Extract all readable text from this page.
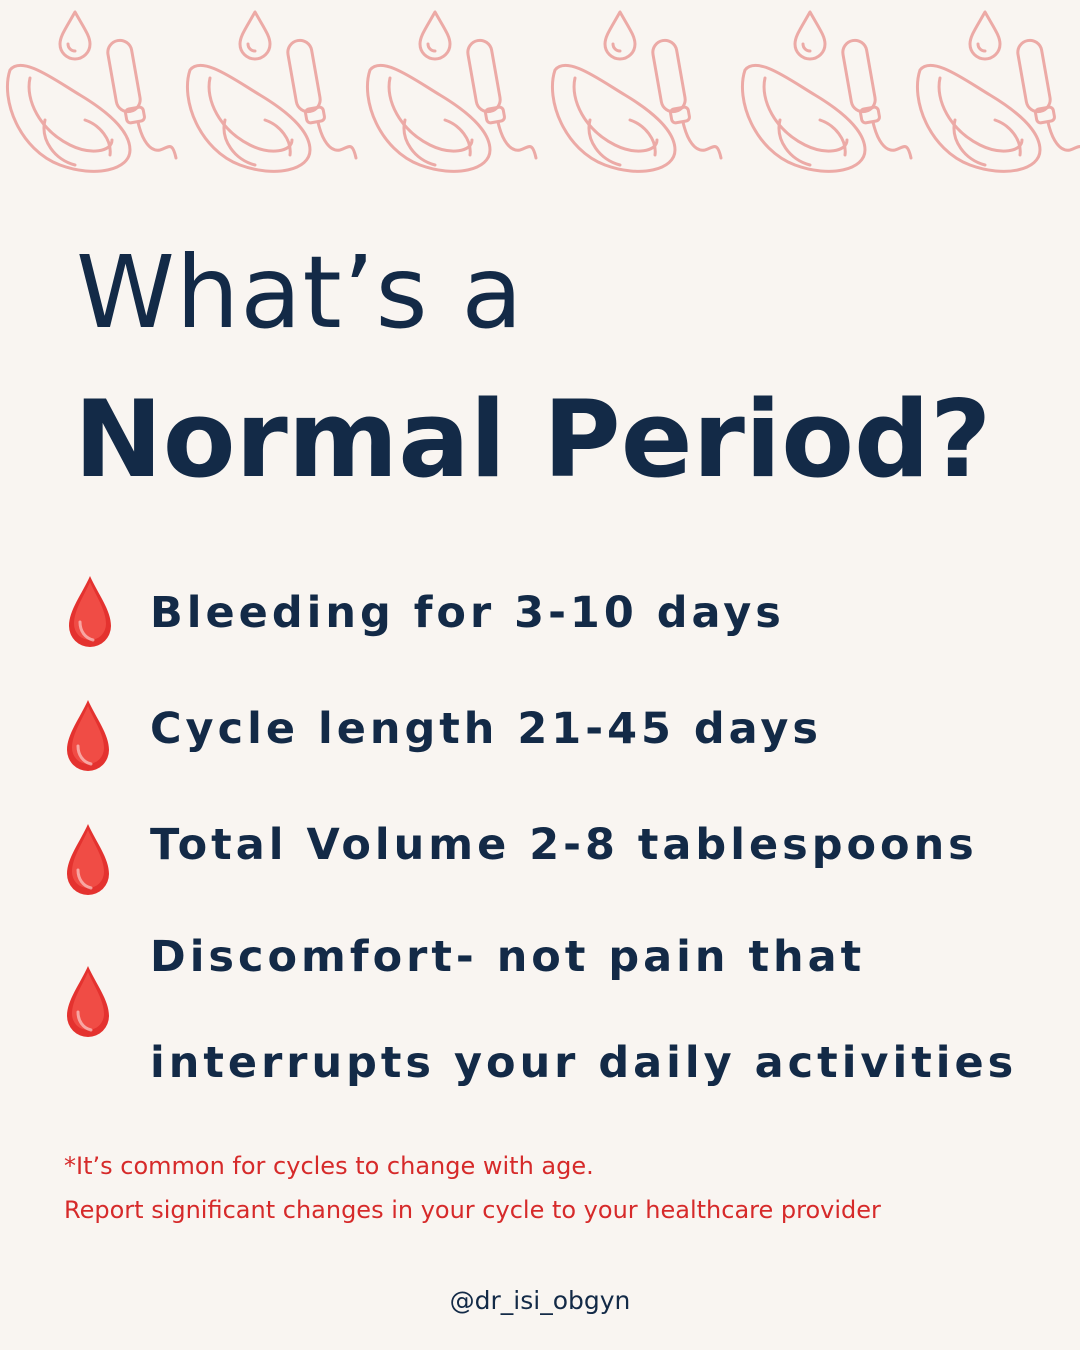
What’s a
Normal Period?
Bleeding for 3-10 days
Cycle length 21-45 days
Total Volume 2-8 tablespoons
Discomfort- not pain that
interrupts your daily activities
*It’s common for cycles to change with age.
Report significant changes in your cycle to your healthcare provider
@dr_isi_obgyn
